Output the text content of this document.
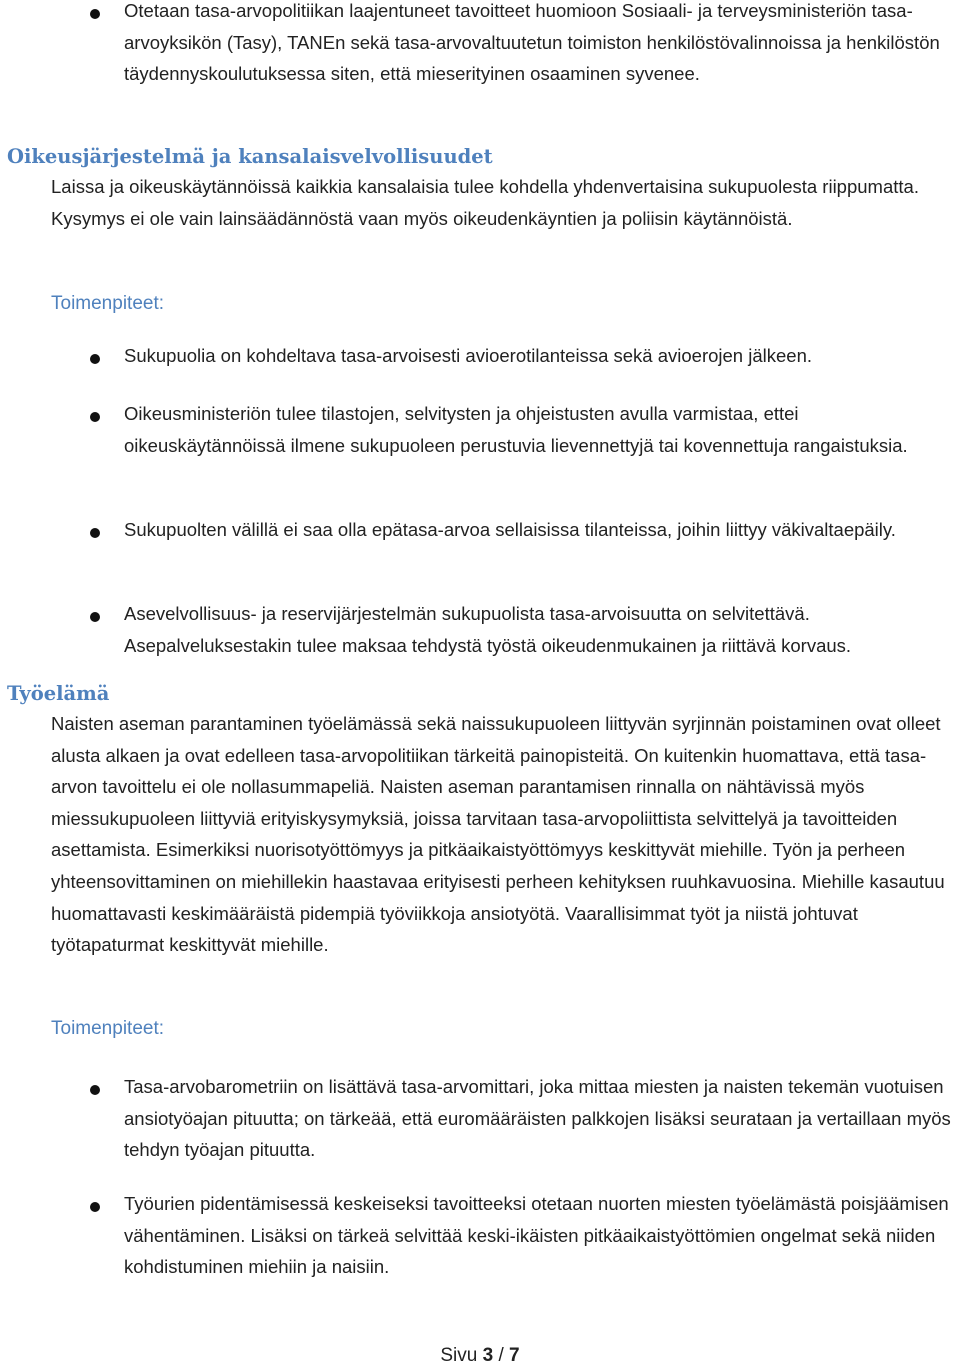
Otetaan tasa-arvopolitiikan laajentuneet tavoitteet huomioon Sosiaali- ja terveysministeriön tasa-arvoyksikön (Tasy), TANEn sekä tasa-arvovaltuutetun toimiston henkilöstövalinnoissa ja henkilöstön täydennyskoulutuksessa siten, että mieserityinen osaaminen syvenee.
Oikeusjärjestelmä ja kansalaisvelvollisuudet
Laissa ja oikeuskäytännöissä kaikkia kansalaisia tulee kohdella yhdenvertaisina sukupuolesta riippumatta. Kysymys ei ole vain lainsäädännöstä vaan myös oikeudenkäyntien ja poliisin käytännöistä.
Toimenpiteet:
Sukupuolia on kohdeltava tasa-arvoisesti avioerotilanteissa sekä avioerojen jälkeen.
Oikeusministeriön tulee tilastojen, selvitysten ja ohjeistusten avulla varmistaa, ettei oikeuskäytännöissä ilmene sukupuoleen perustuvia lievennettyjä tai kovennettuja rangaistuksia.
Sukupuolten välillä ei saa olla epätasa-arvoa sellaisissa tilanteissa, joihin liittyy väkivaltaepäily.
Asevelvollisuus- ja reservijärjestelmän sukupuolista tasa-arvoisuutta on selvitettävä. Asepalveluksestakin tulee maksaa tehdystä työstä oikeudenmukainen ja riittävä korvaus.
Työelämä
Naisten aseman parantaminen työelämässä sekä naissukupuoleen liittyvän syrjinnän poistaminen ovat olleet alusta alkaen ja ovat edelleen tasa-arvopolitiikan tärkeitä painopisteitä. On kuitenkin huomattava, että tasa-arvon tavoittelu ei ole nollasummapeliä. Naisten aseman parantamisen rinnalla on nähtävissä myös miessukupuoleen liittyviä erityiskysymyksiä, joissa tarvitaan tasa-arvopoliittista selvittelyä ja tavoitteiden asettamista. Esimerkiksi nuorisotyöttömyys ja pitkäaikaistyöttömyys keskittyvät miehille. Työn ja perheen yhteensovittaminen on miehillekin haastavaa erityisesti perheen kehityksen ruuhkavuosina. Miehille kasautuu huomattavasti keskimääräistä pidempiä työviikkoja ansiotyötä. Vaarallisimmat työt ja niistä johtuvat työtapaturmat keskittyvät miehille.
Toimenpiteet:
Tasa-arvobarometriin on lisättävä tasa-arvomittari, joka mittaa miesten ja naisten tekemän vuotuisen ansiotyöajan pituutta; on tärkeää, että euromääräisten palkkojen lisäksi seurataan ja vertaillaan myös tehdyn työajan pituutta.
Työurien pidentämisessä keskeiseksi tavoitteeksi otetaan nuorten miesten työelämästä poisjäämisen vähentäminen. Lisäksi on tärkeä selvittää keski-ikäisten pitkäaikaistyöttömien ongelmat sekä niiden kohdistuminen miehiin ja naisiin.
Sivu 3 / 7
